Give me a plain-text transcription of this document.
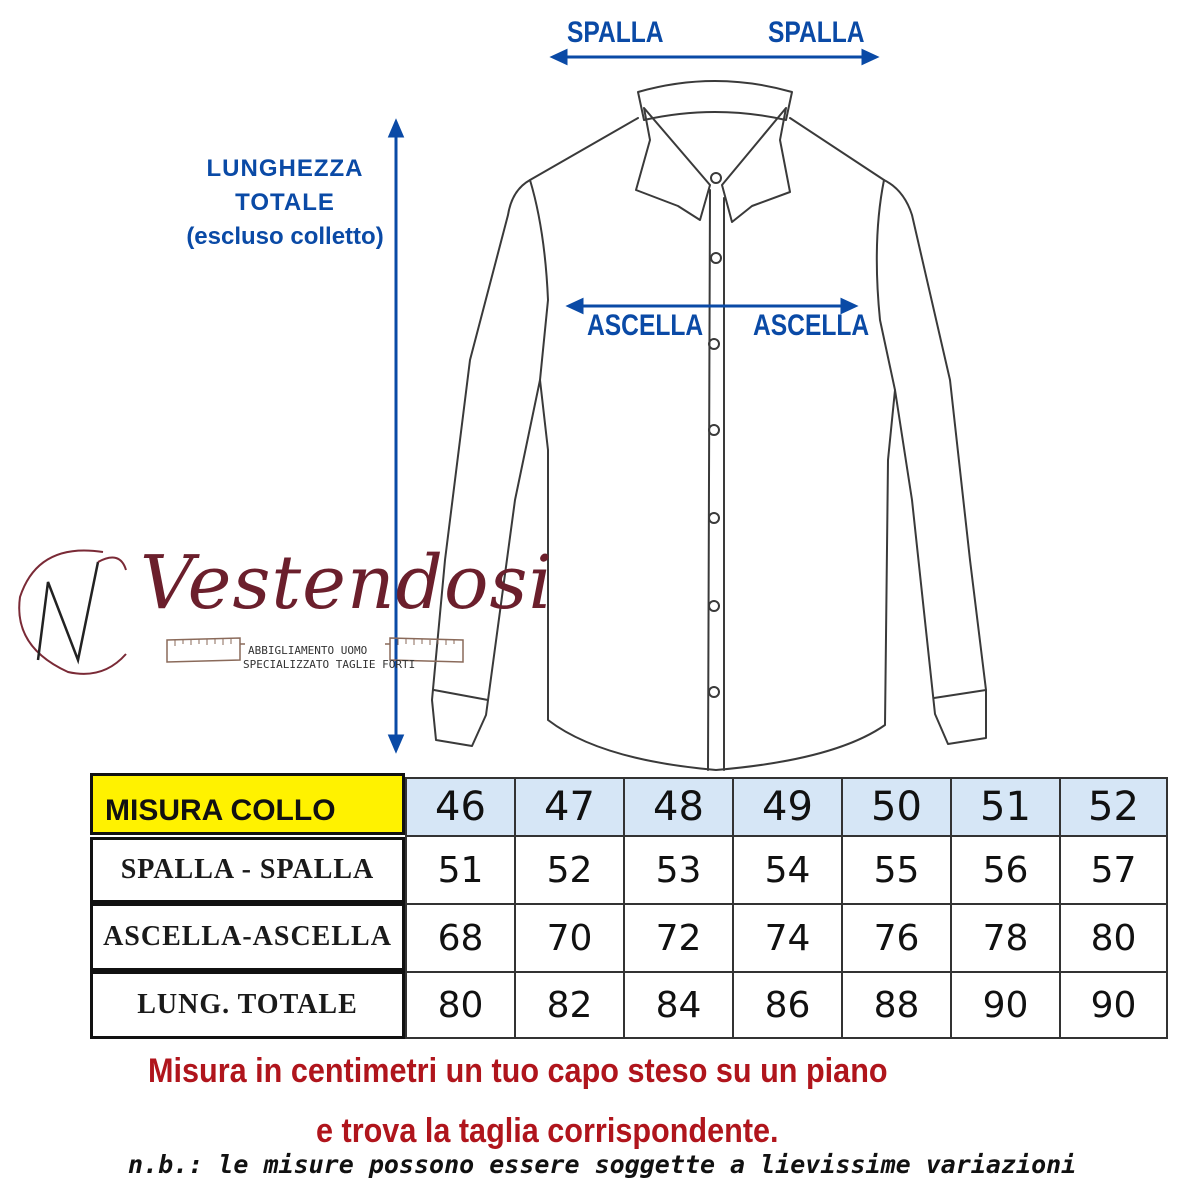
SPALLA	SPALLA
ASCELLA ASCELLA
LUNGHEZZA
TOTALE
(escluso colletto)
Vestendosi
ABBIGLIAMENTO UOMO
SPECIALIZZATO TAGLIE FORTI
MISURA COLLO	46	47	48	49	50	51	52
SPALLA - SPALLA	51	52	53	54	55	56	57
ASCELLA-ASCELLA	68	70	72	74	76	78	80
LUNG. TOTALE	80	82	84	86	88	90	90
Misura in centimetri un tuo capo steso su un piano
e trova la taglia corrispondente.
n.b.: le misure possono essere soggette a lievissime variazioni
